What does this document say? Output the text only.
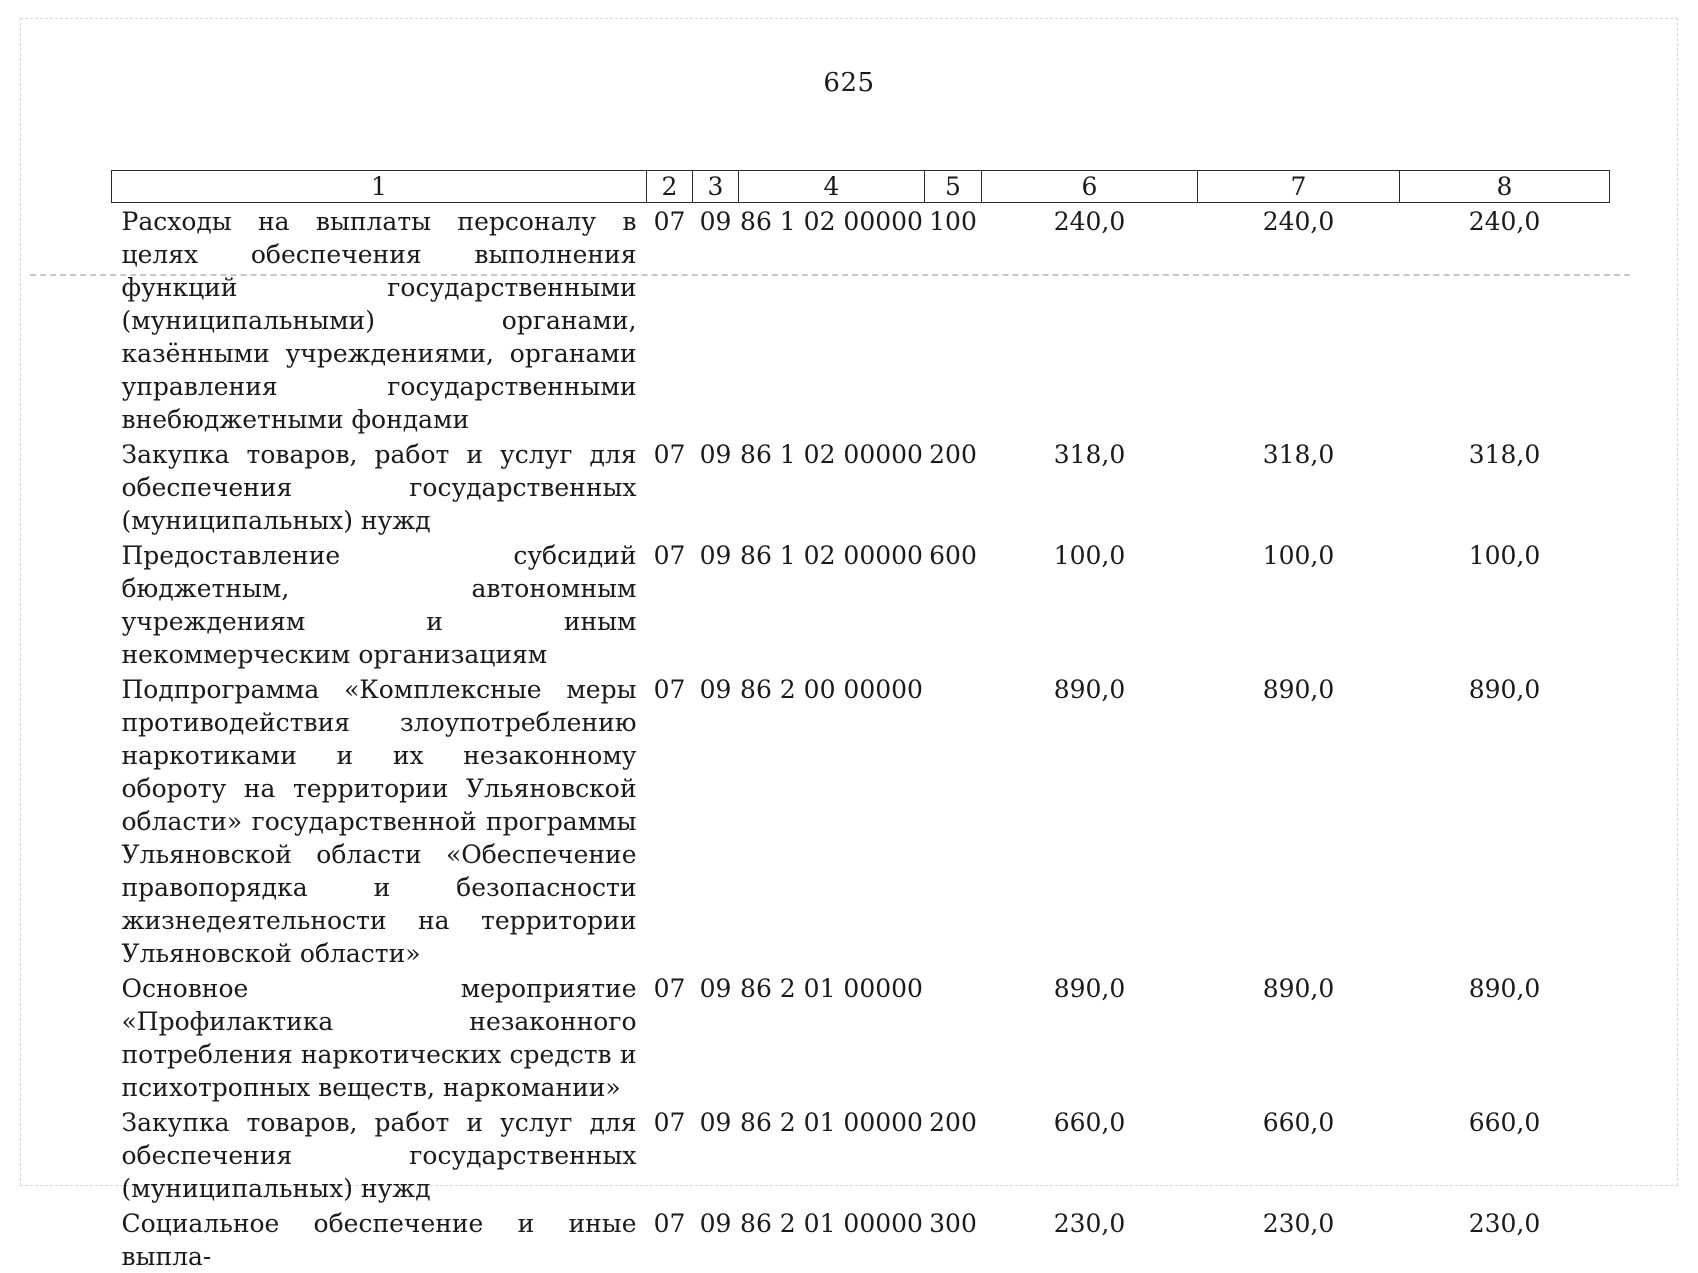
625
1	2	3	4	5	6	7	8
Расходы на выплаты персоналу в целях обеспечения выполнения функций государственными (муниципальными) органами, казёнными учреждениями, органами управления государственными внебюджетными фондами	07	09	86 1 02 00000	100	240,0	240,0	240,0
Закупка товаров, работ и услуг для обеспечения государственных (муниципальных) нужд	07	09	86 1 02 00000	200	318,0	318,0	318,0
Предоставление субсидий бюджетным, автономным учреждениям и иным некоммерческим организациям	07	09	86 1 02 00000	600	100,0	100,0	100,0
Подпрограмма «Комплексные меры противодействия злоупотреблению наркотиками и их незаконному обороту на территории Ульяновской области» государственной программы Ульяновской области «Обеспечение правопорядка и безопасности жизнедеятельности на территории Ульяновской области»	07	09	86 2 00 00000		890,0	890,0	890,0
Основное мероприятие «Профилактика незаконного потребления наркотических средств и психотропных веществ, наркомании»	07	09	86 2 01 00000		890,0	890,0	890,0
Закупка товаров, работ и услуг для обеспечения государственных (муниципальных) нужд	07	09	86 2 01 00000	200	660,0	660,0	660,0
Социальное обеспечение и иные выпла-	07	09	86 2 01 00000	300	230,0	230,0	230,0
